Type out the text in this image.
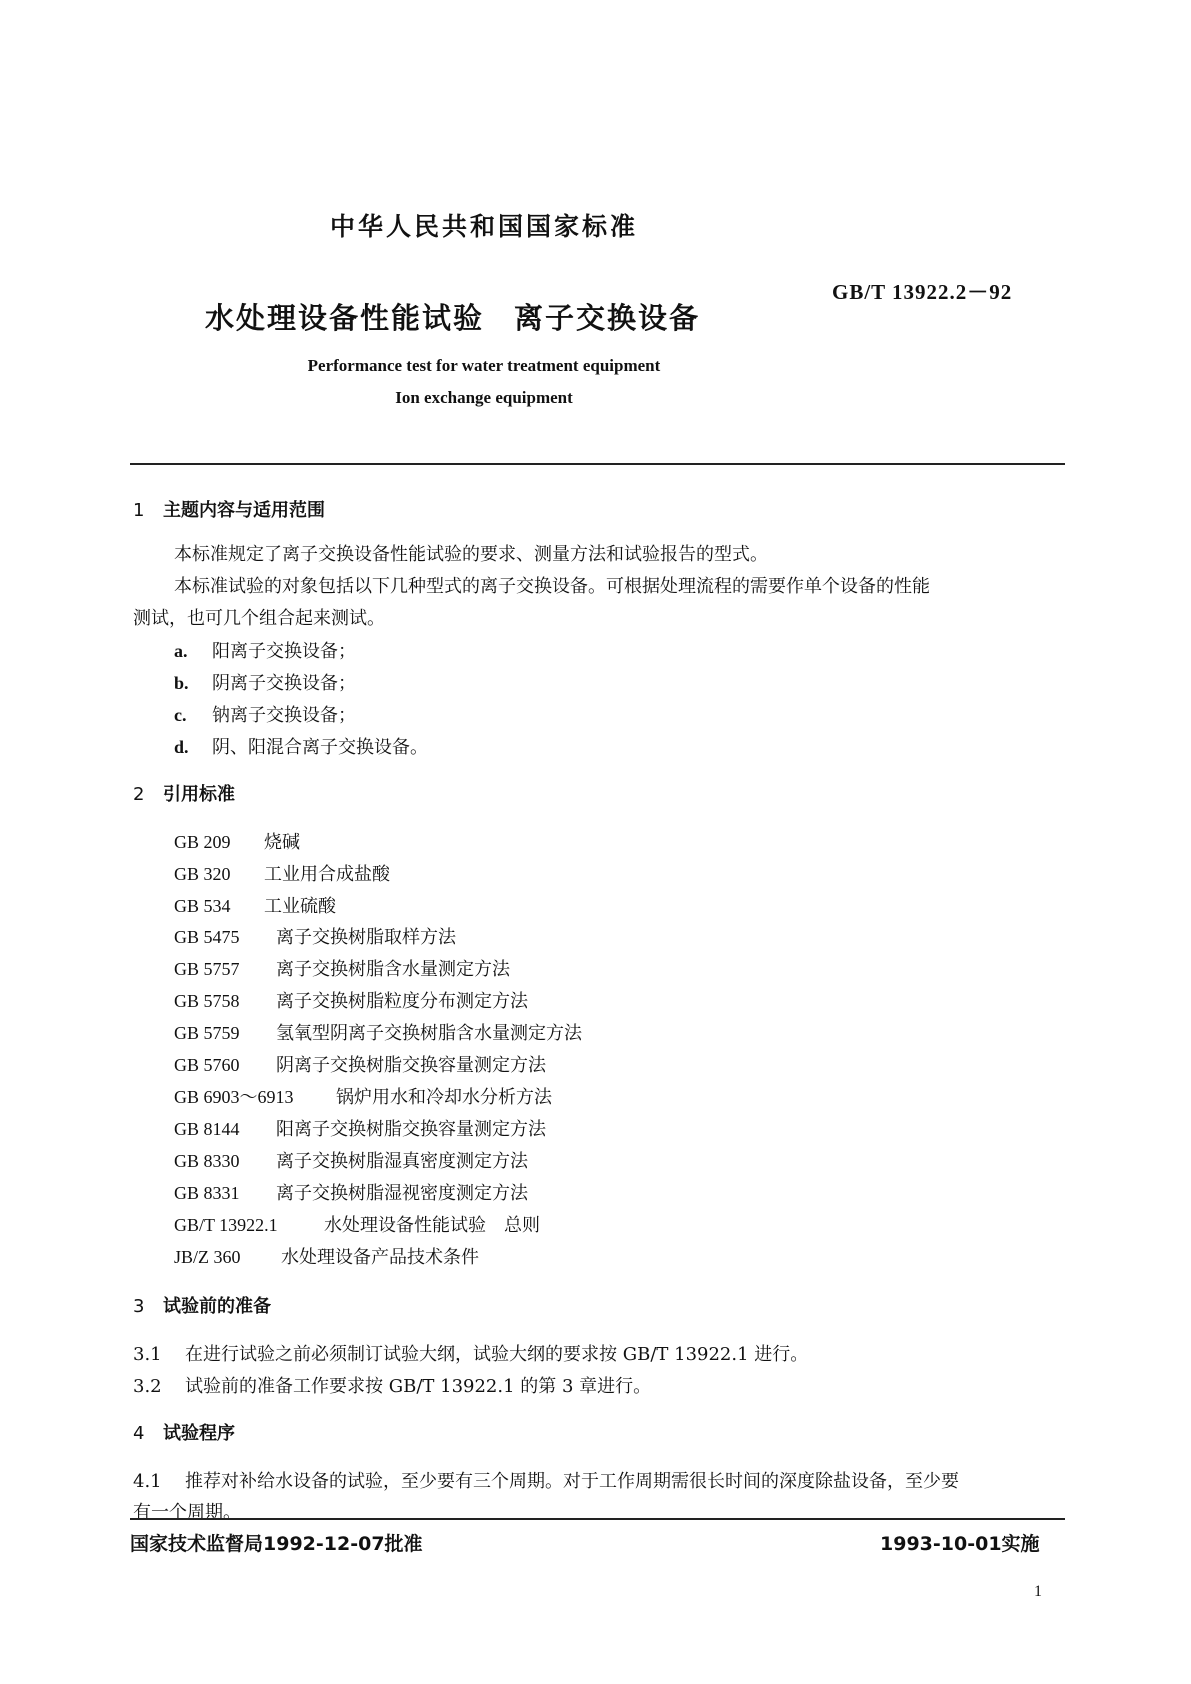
中华人民共和国国家标准
GB/T 13922.2－92
水处理设备性能试验 离子交换设备
Performance test for water treatment equipment
Ion exchange equipment
1 主题内容与适用范围
本标准规定了离子交换设备性能试验的要求、测量方法和试验报告的型式。
本标准试验的对象包括以下几种型式的离子交换设备。可根据处理流程的需要作单个设备的性能
测试，也可几个组合起来测试。
a. 阳离子交换设备；
b. 阴离子交换设备；
c. 钠离子交换设备；
d. 阴、阳混合离子交换设备。
2 引用标准
GB 209 烧碱
GB 320 工业用合成盐酸
GB 534 工业硫酸
GB 5475 离子交换树脂取样方法
GB 5757 离子交换树脂含水量测定方法
GB 5758 离子交换树脂粒度分布测定方法
GB 5759 氢氧型阴离子交换树脂含水量测定方法
GB 5760 阴离子交换树脂交换容量测定方法
GB 6903～6913 锅炉用水和冷却水分析方法
GB 8144 阳离子交换树脂交换容量测定方法
GB 8330 离子交换树脂湿真密度测定方法
GB 8331 离子交换树脂湿视密度测定方法
GB/T 13922.1	水处理设备性能试验　总则
JB/Z 360 水处理设备产品技术条件
3 试验前的准备
3.1 在进行试验之前必须制订试验大纲，试验大纲的要求按 GB/T 13922.1 进行。
3.2 试验前的准备工作要求按 GB/T 13922.1 的第 3 章进行。
4 试验程序
4.1 推荐对补给水设备的试验，至少要有三个周期。对于工作周期需很长时间的深度除盐设备，至少要
有一个周期。
国家技术监督局1992-12-07批准	1993-10-01实施
1
